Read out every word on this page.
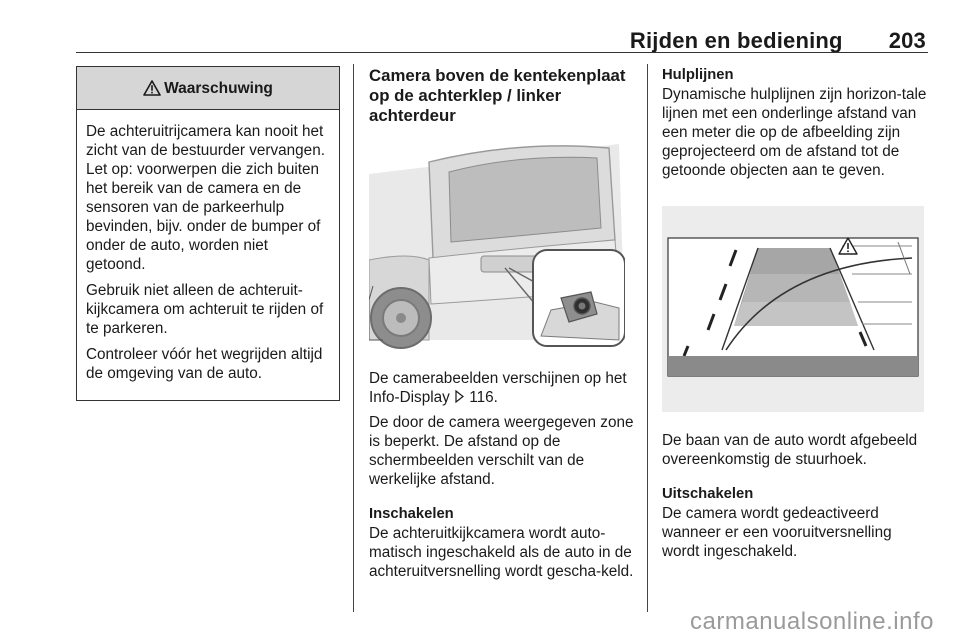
Rijden en bediening 203
Waarschuwing

De achteruitrijcamera kan nooit het zicht van de bestuurder vervangen. Let op: voorwerpen die zich buiten het bereik van de camera en de sensoren van de parkeerhulp bevinden, bijv. onder de bumper of onder de auto, worden niet getoond.

Gebruik niet alleen de achteruit-kijkcamera om achteruit te rijden of te parkeren.

Controleer vóór het wegrijden altijd de omgeving van de auto.

Camera boven de kentekenplaat op de achterklep / linker achterdeur

De camerabeelden verschijnen op het Info-Display 116.

De door de camera weergegeven zone is beperkt. De afstand op de schermbeelden verschilt van de werkelijke afstand.

Inschakelen

De achteruitkijkcamera wordt auto-matisch ingeschakeld als de auto in de achteruitversnelling wordt gescha-keld.

Hulplijnen

Dynamische hulplijnen zijn horizon-tale lijnen met een onderlinge afstand van een meter die op de afbeelding zijn geprojecteerd om de afstand tot de getoonde objecten aan te geven.

De baan van de auto wordt afgebeeld overeenkomstig de stuurhoek.

Uitschakelen

De camera wordt gedeactiveerd wanneer er een vooruitversnelling wordt ingeschakeld.

carmanualsonline.info
